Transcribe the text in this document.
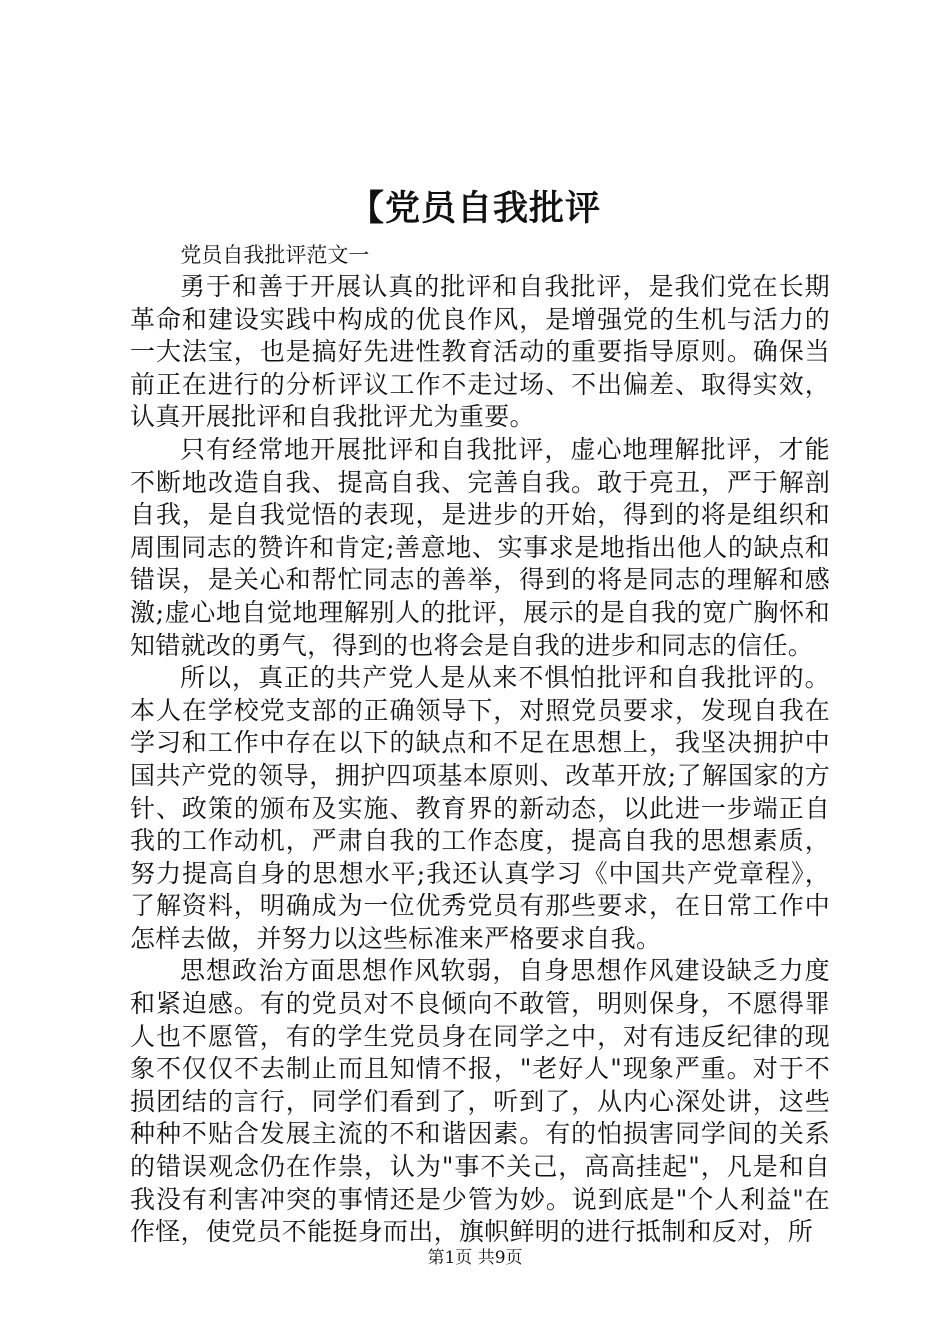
【党员自我批评

党员自我批评范文一

勇于和善于开展认真的批评和自我批评，是我们党在长期革命和建设实践中构成的优良作风，是增强党的生机与活力的一大法宝，也是搞好先进性教育活动的重要指导原则。确保当前正在进行的分析评议工作不走过场、不出偏差、取得实效，认真开展批评和自我批评尤为重要。

只有经常地开展批评和自我批评，虚心地理解批评，才能不断地改造自我、提高自我、完善自我。敢于亮丑，严于解剖自我，是自我觉悟的表现，是进步的开始，得到的将是组织和周围同志的赞许和肯定;善意地、实事求是地指出他人的缺点和错误，是关心和帮忙同志的善举，得到的将是同志的理解和感激;虚心地自觉地理解别人的批评，展示的是自我的宽广胸怀和知错就改的勇气，得到的也将会是自我的进步和同志的信任。

所以，真正的共产党人是从来不惧怕批评和自我批评的。本人在学校党支部的正确领导下，对照党员要求，发现自我在学习和工作中存在以下的缺点和不足在思想上，我坚决拥护中国共产党的领导，拥护四项基本原则、改革开放;了解国家的方针、政策的颁布及实施、教育界的新动态，以此进一步端正自我的工作动机，严肃自我的工作态度，提高自我的思想素质，努力提高自身的思想水平;我还认真学习《中国共产党章程》，了解资料，明确成为一位优秀党员有那些要求，在日常工作中怎样去做，并努力以这些标准来严格要求自我。

思想政治方面思想作风软弱，自身思想作风建设缺乏力度和紧迫感。有的党员对不良倾向不敢管，明则保身，不愿得罪人也不愿管，有的学生党员身在同学之中，对有违反纪律的现象不仅仅不去制止而且知情不报，"老好人"现象严重。对于不损团结的言行，同学们看到了，听到了，从内心深处讲，这些种种不贴合发展主流的不和谐因素。有的怕损害同学间的关系的错误观念仍在作祟，认为"事不关己，高高挂起"，凡是和自我没有利害冲突的事情还是少管为妙。说到底是"个人利益"在作怪，使党员不能挺身而出，旗帜鲜明的进行抵制和反对，所

第1页 共9页
